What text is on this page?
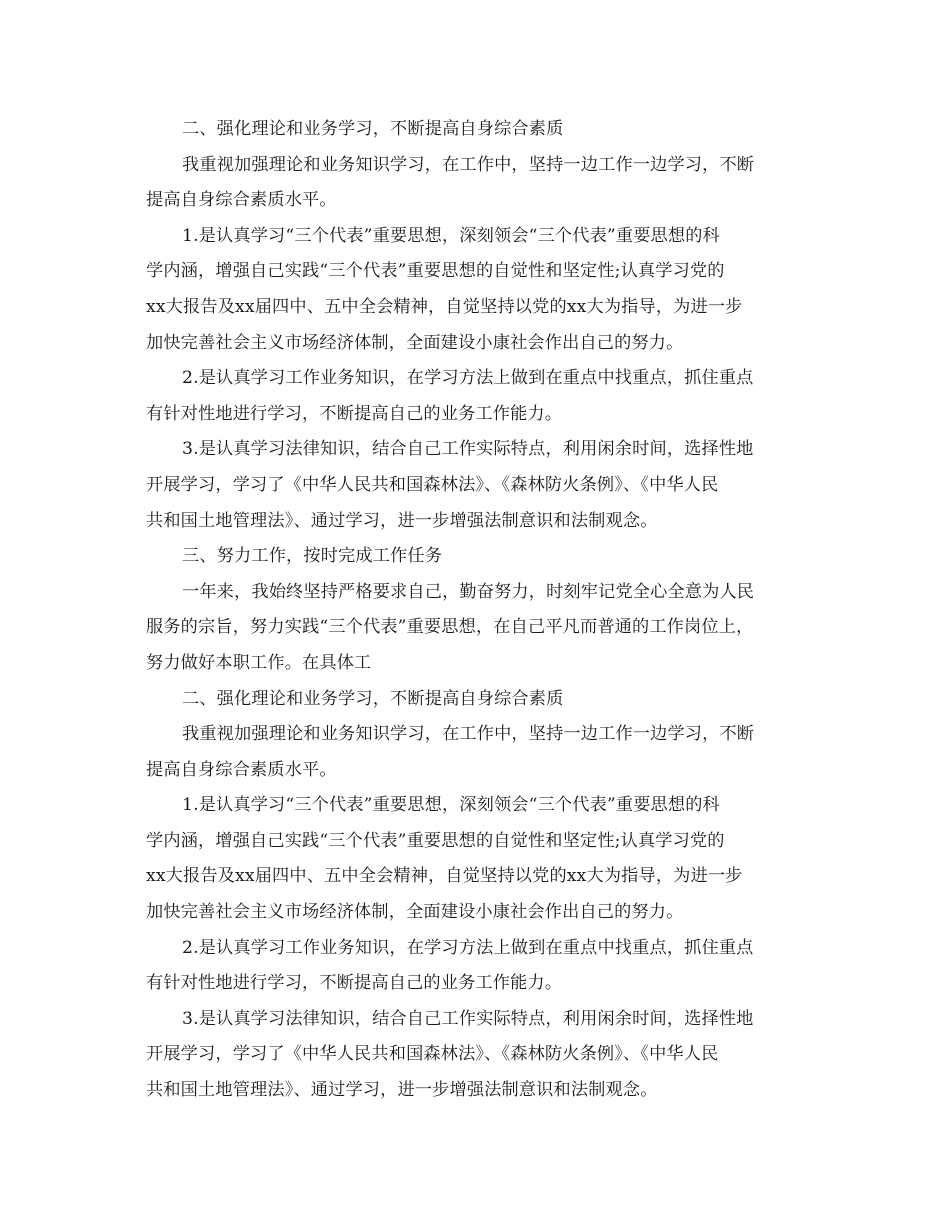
二、强化理论和业务学习，不断提高自身综合素质
我重视加强理论和业务知识学习，在工作中，坚持一边工作一边学习，不断
提高自身综合素质水平。
1.是认真学习“三个代表”重要思想，深刻领会“三个代表”重要思想的科
学内涵，增强自己实践“三个代表”重要思想的自觉性和坚定性;认真学习党的
xx大报告及xx届四中、五中全会精神，自觉坚持以党的xx大为指导，为进一步
加快完善社会主义市场经济体制，全面建设小康社会作出自己的努力。
2.是认真学习工作业务知识，在学习方法上做到在重点中找重点，抓住重点
有针对性地进行学习，不断提高自己的业务工作能力。
3.是认真学习法律知识，结合自己工作实际特点，利用闲余时间，选择性地
开展学习，学习了《中华人民共和国森林法》、《森林防火条例》、《中华人民
共和国土地管理法》、通过学习，进一步增强法制意识和法制观念。
三、努力工作，按时完成工作任务
一年来，我始终坚持严格要求自己，勤奋努力，时刻牢记党全心全意为人民
服务的宗旨，努力实践“三个代表”重要思想，在自己平凡而普通的工作岗位上，
努力做好本职工作。在具体工
二、强化理论和业务学习，不断提高自身综合素质
我重视加强理论和业务知识学习，在工作中，坚持一边工作一边学习，不断
提高自身综合素质水平。
1.是认真学习“三个代表”重要思想，深刻领会“三个代表”重要思想的科
学内涵，增强自己实践“三个代表”重要思想的自觉性和坚定性;认真学习党的
xx大报告及xx届四中、五中全会精神，自觉坚持以党的xx大为指导，为进一步
加快完善社会主义市场经济体制，全面建设小康社会作出自己的努力。
2.是认真学习工作业务知识，在学习方法上做到在重点中找重点，抓住重点
有针对性地进行学习，不断提高自己的业务工作能力。
3.是认真学习法律知识，结合自己工作实际特点，利用闲余时间，选择性地
开展学习，学习了《中华人民共和国森林法》、《森林防火条例》、《中华人民
共和国土地管理法》、通过学习，进一步增强法制意识和法制观念。
